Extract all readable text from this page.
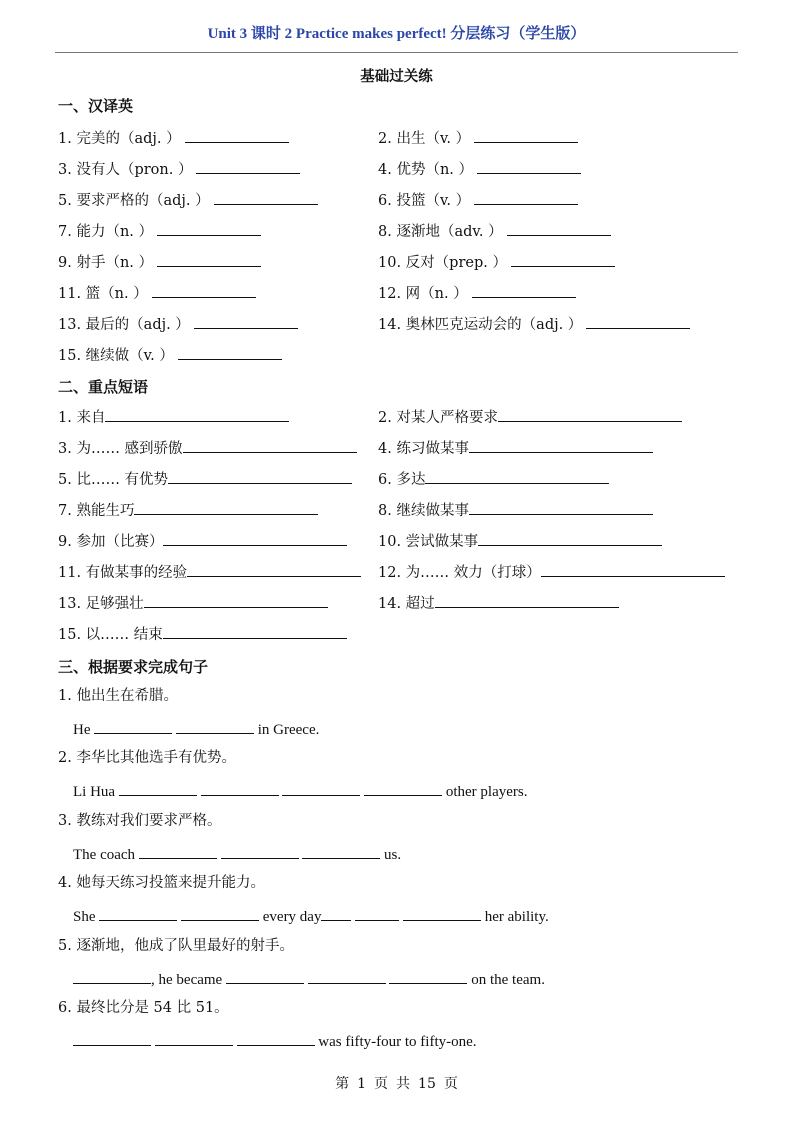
Unit 3 课时 2 Practice makes perfect! 分层练习（学生版）
基础过关练
一、汉译英
1. 完美的（adj. ）	2. 出生（v. ）
3. 没有人（pron. ）	4. 优势（n. ）
5. 要求严格的（adj. ）	6. 投篮（v. ）
7. 能力（n. ）	8. 逐渐地（adv. ）
9. 射手（n. ）	10. 反对（prep. ）
11. 篮（n. ）	12. 网（n. ）
13. 最后的（adj. ）	14. 奥林匹克运动会的（adj. ）
15. 继续做（v. ）
二、重点短语
1. 来自	2. 对某人严格要求
3. 为…… 感到骄傲	4. 练习做某事
5. 比…… 有优势	6. 多达
7. 熟能生巧	8. 继续做某事
9. 参加（比赛）	10. 尝试做某事
11. 有做某事的经验	12. 为…… 效力（打球）
13. 足够强壮	14. 超过
15. 以…… 结束
三、根据要求完成句子
1. 他出生在希腊。
He	in Greece.
2. 李华比其他选手有优势。
Li Hua	other players.
3. 教练对我们要求严格。
The coach	us.
4. 她每天练习投篮来提升能力。
She	every day	her ability.
5. 逐渐地，他成了队里最好的射手。
, he became	on the team.
6. 最终比分是 54 比 51。
was fifty-four to fifty-one.
第 1 页 共 15 页
